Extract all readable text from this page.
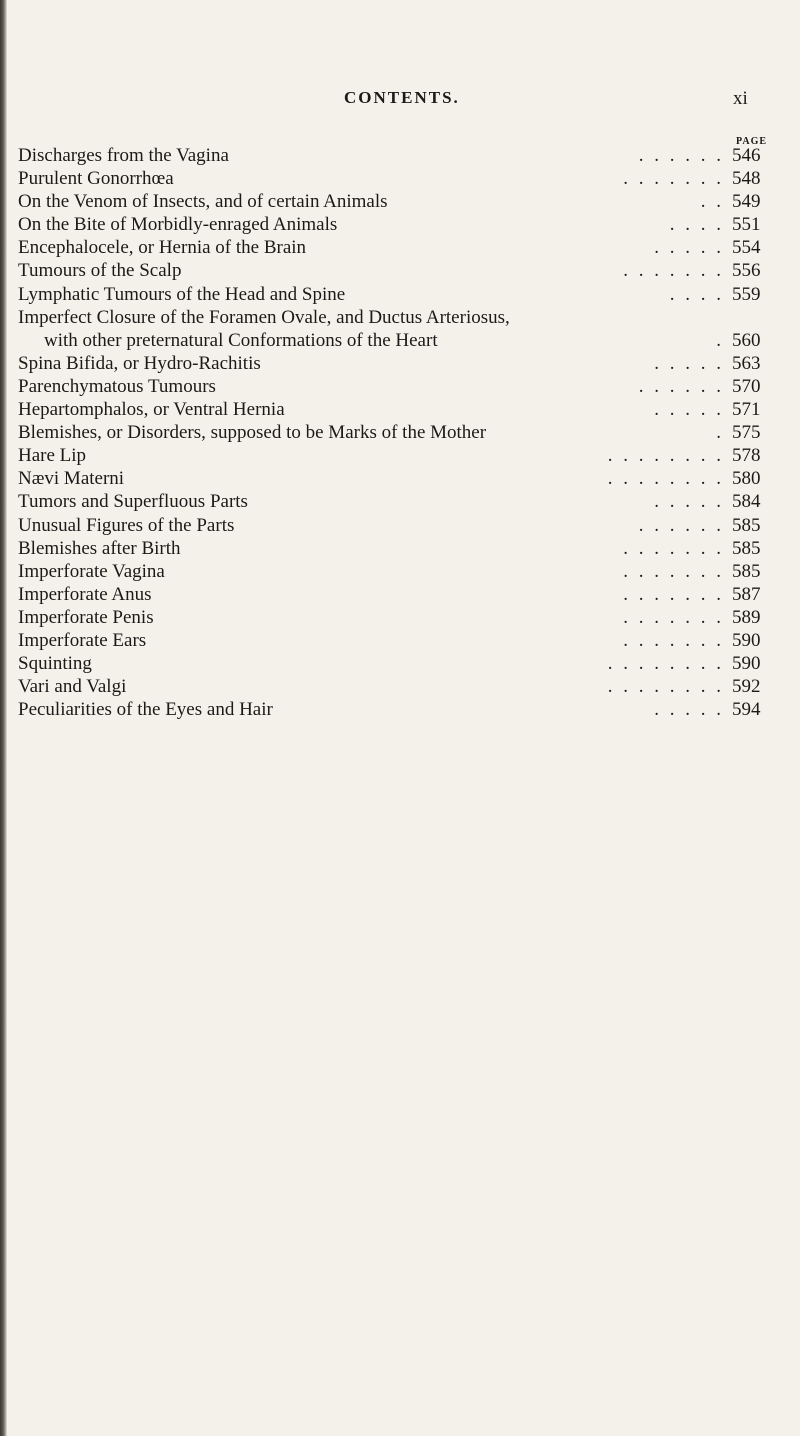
CONTENTS.	xi
PAGE
Discharges from the Vagina	. . . . . . 546
Purulent Gonorrhœa	. . . . . . . 548
On the Venom of Insects, and of certain Animals	. . 549
On the Bite of Morbidly-enraged Animals	. . . . 551
Encephalocele, or Hernia of the Brain	. . . . . 554
Tumours of the Scalp	. . . . . . . 556
Lymphatic Tumours of the Head and Spine	. . . . 559
Imperfect Closure of the Foramen Ovale, and Ductus Arteriosus,
with other preternatural Conformations of the Heart	. 560
Spina Bifida, or Hydro-Rachitis	. . . . . 563
Parenchymatous Tumours	. . . . . . 570
Hepartomphalos, or Ventral Hernia	. . . . . 571
Blemishes, or Disorders, supposed to be Marks of the Mother	. 575
Hare Lip	. . . . . . . . 578
Nævi Materni	. . . . . . . . 580
Tumors and Superfluous Parts	. . . . . 584
Unusual Figures of the Parts	. . . . . . 585
Blemishes after Birth	. . . . . . . 585
Imperforate Vagina	. . . . . . . 585
Imperforate Anus	. . . . . . . 587
Imperforate Penis	. . . . . . . 589
Imperforate Ears	. . . . . . . 590
Squinting	. . . . . . . . 590
Vari and Valgi	. . . . . . . . 592
Peculiarities of the Eyes and Hair	. . . . . 594
